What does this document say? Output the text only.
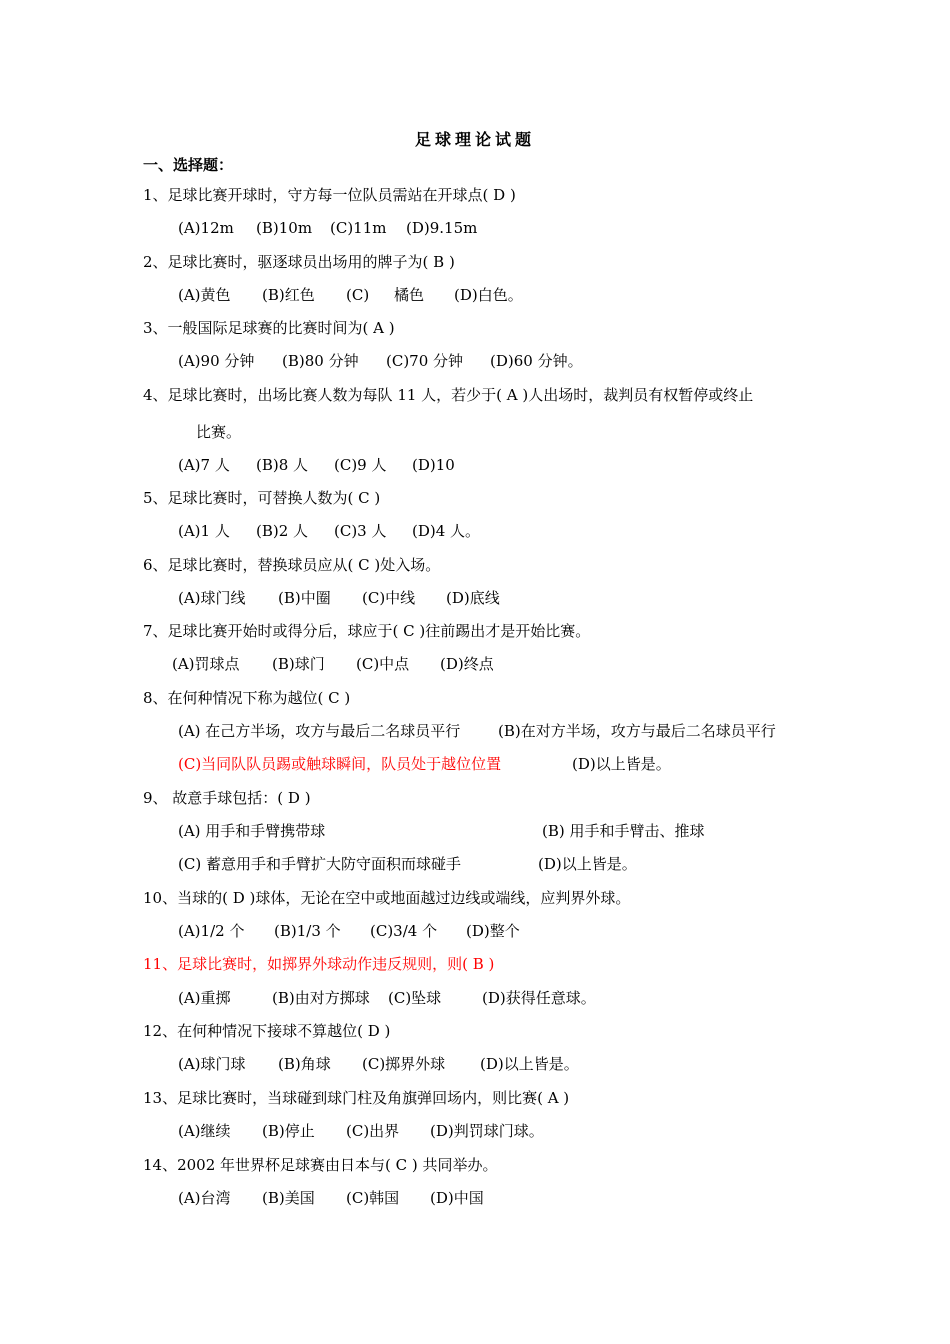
足球理论试题
一、选择题：
1、足球比赛开球时，守方每一位队员需站在开球点( D )
(A)12m (B)10m (C)11m (D)9.15m
2、足球比赛时，驱逐球员出场用的牌子为( B )
(A)黄色 (B)红色 (C) 橘色 (D)白色。
3、一般国际足球赛的比赛时间为( A )
(A)90 分钟 (B)80 分钟 (C)70 分钟 (D)60 分钟。
4、足球比赛时，出场比赛人数为每队 11 人，若少于( A )人出场时，裁判员有权暂停或终止
比赛。
(A)7 人 (B)8 人 (C)9 人 (D)10
5、足球比赛时，可替换人数为( C )
(A)1 人 (B)2 人 (C)3 人 (D)4 人。
6、足球比赛时，替换球员应从( C )处入场。
(A)球门线 (B)中圈 (C)中线 (D)底线
7、足球比赛开始时或得分后，球应于( C )往前踢出才是开始比赛。
(A)罚球点 (B)球门 (C)中点 (D)终点
8、在何种情况下称为越位( C )
(A) 在己方半场，攻方与最后二名球员平行	(B)在对方半场，攻方与最后二名球员平行
(C)当同队队员踢或触球瞬间，队员处于越位位置	(D)以上皆是。
9、 故意手球包括：( D )
(A) 用手和手臂携带球	(B) 用手和手臂击、推球
(C) 蓄意用手和手臂扩大防守面积而球碰手	(D)以上皆是。
10、当球的( D )球体，无论在空中或地面越过边线或端线，应判界外球。
(A)1/2 个 (B)1/3 个 (C)3/4 个 (D)整个
11、足球比赛时，如掷界外球动作违反规则，则( B )
(A)重掷	(B)由对方掷球 (C)坠球	(D)获得任意球。
12、在何种情况下接球不算越位( D )
(A)球门球 (B)角球 (C)掷界外球 (D)以上皆是。
13、足球比赛时，当球碰到球门柱及角旗弹回场内，则比赛( A )
(A)继续 (B)停止 (C)出界 (D)判罚球门球。
14、2002 年世界杯足球赛由日本与( C ) 共同举办。
(A)台湾 (B)美国 (C)韩国 (D)中国
